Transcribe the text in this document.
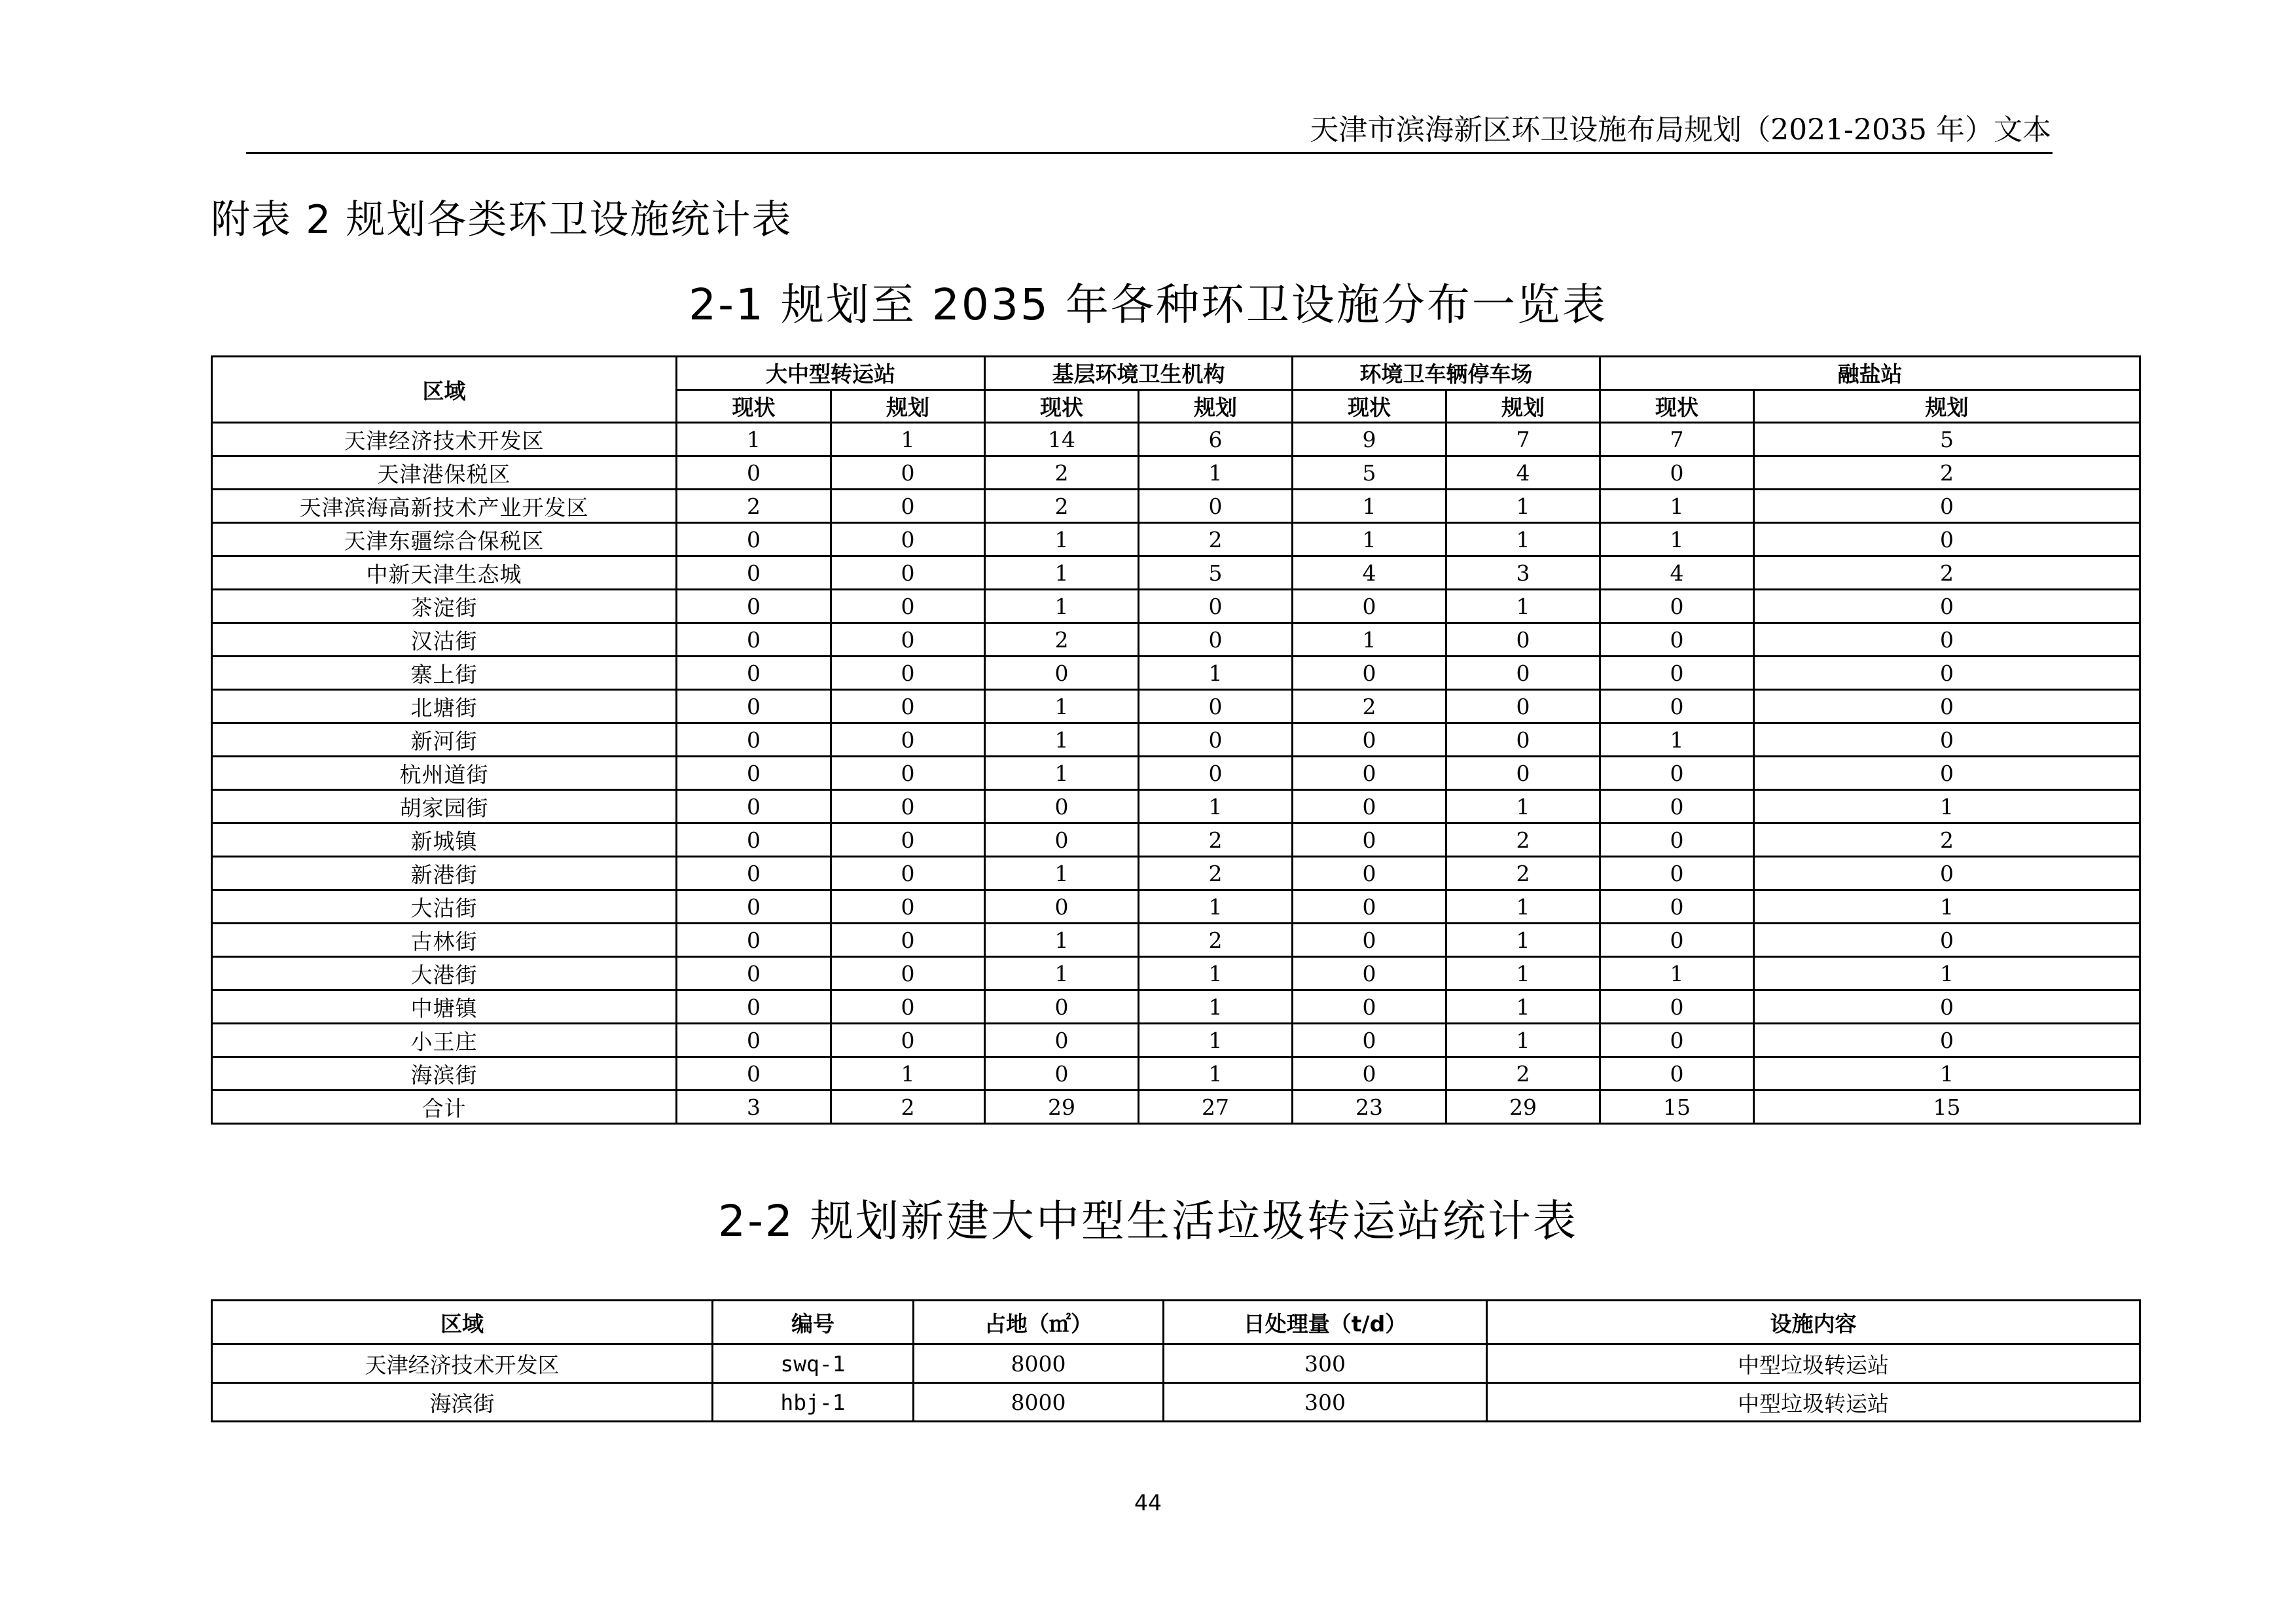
天津市滨海新区环卫设施布局规划（2021-2035 年）文本
附表 2 规划各类环卫设施统计表
2-1 规划至 2035 年各种环卫设施分布一览表
区域	大中型转运站		基层环境卫生机构		环境卫车辆停车场		融盐站	
	现状	规划	现状	规划	现状	规划	现状	规划
天津经济技术开发区	1	1	14	6	9	7	7	5
天津港保税区	0	0	2	1	5	4	0	2
天津滨海高新技术产业开发区	2	0	2	0	1	1	1	0
天津东疆综合保税区	0	0	1	2	1	1	1	0
中新天津生态城	0	0	1	5	4	3	4	2
茶淀街	0	0	1	0	0	1	0	0
汉沽街	0	0	2	0	1	0	0	0
寨上街	0	0	0	1	0	0	0	0
北塘街	0	0	1	0	2	0	0	0
新河街	0	0	1	0	0	0	1	0
杭州道街	0	0	1	0	0	0	0	0
胡家园街	0	0	0	1	0	1	0	1
新城镇	0	0	0	2	0	2	0	2
新港街	0	0	1	2	0	2	0	0
大沽街	0	0	0	1	0	1	0	1
古林街	0	0	1	2	0	1	0	0
大港街	0	0	1	1	0	1	1	1
中塘镇	0	0	0	1	0	1	0	0
小王庄	0	0	0	1	0	1	0	0
海滨街	0	1	0	1	0	2	0	1
合计	3	2	29	27	23	29	15	15
2-2 规划新建大中型生活垃圾转运站统计表
区域	编号	占地（㎡）	日处理量（t/d）	设施内容
天津经济技术开发区	swq-1	8000	300	中型垃圾转运站
海滨街	hbj-1	8000	300	中型垃圾转运站
44
